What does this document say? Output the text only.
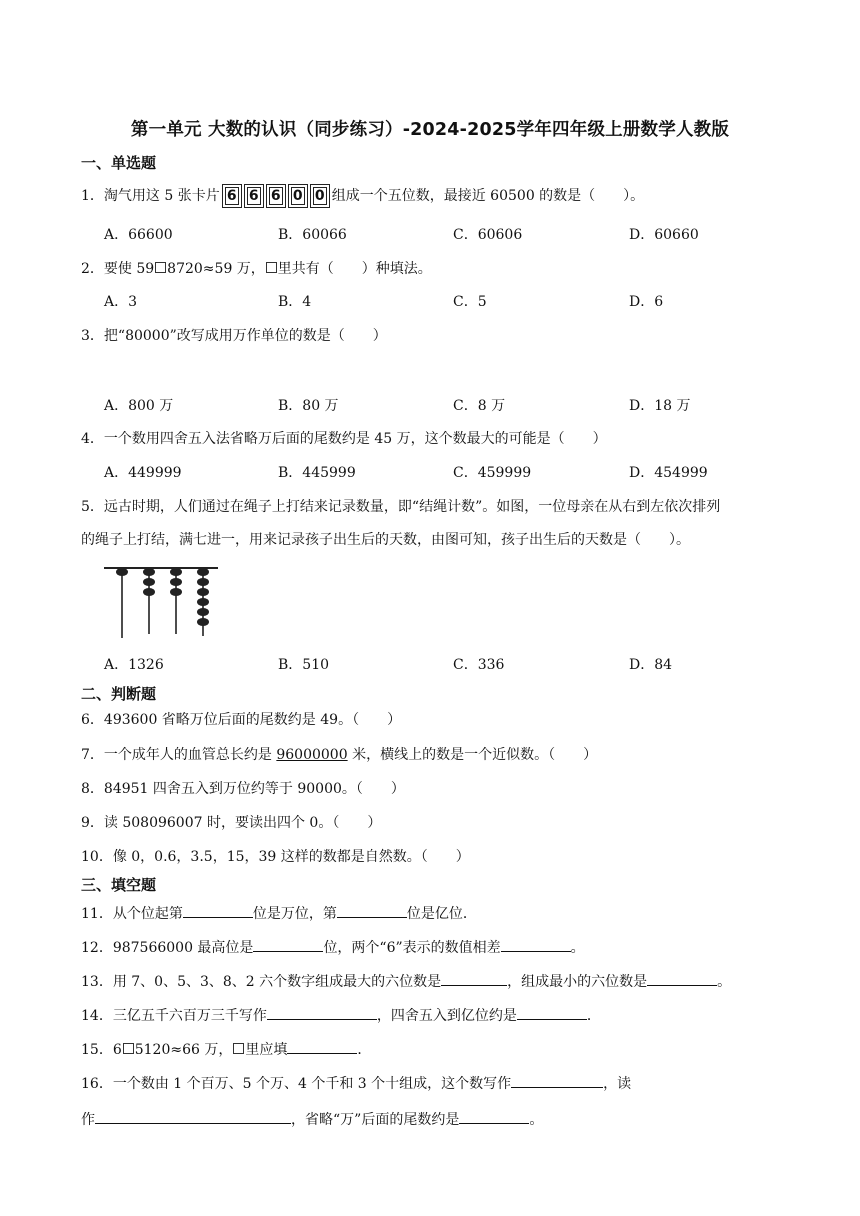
第一单元 大数的认识（同步练习）-2024-2025学年四年级上册数学人教版
一、单选题
1．淘气用这 5 张卡片 6 6 6 0 0 组成一个五位数，最接近 60500 的数是（　　）。
A．66600	B．60066	C．60606	D．60660
2．要使 59 8720≈59 万， 里共有（　　）种填法。
A．3	B．4	C．5	D．6
3．把“80000”改写成用万作单位的数是（　　）
A．800 万	B．80 万	C．8 万	D．18 万
4．一个数用四舍五入法省略万后面的尾数约是 45 万，这个数最大的可能是（　　）
A．449999	B．445999	C．459999	D．454999
5．远古时期，人们通过在绳子上打结来记录数量，即“结绳计数”。如图，一位母亲在从右到左依次排列
的绳子上打结，满七进一，用来记录孩子出生后的天数，由图可知，孩子出生后的天数是（　　）。
A．1326	B．510	C．336	D．84
二、判断题
6．493600 省略万位后面的尾数约是 49。（　　）
7．一个成年人的血管总长约是 96000000 米，横线上的数是一个近似数。（　　）
8．84951 四舍五入到万位约等于 90000。（　　）
9．读 508096007 时，要读出四个 0。（　　）
10．像 0，0.6，3.5，15，39 这样的数都是自然数。（　　）
三、填空题
11．从个位起第	位是万位，第	位是亿位．
12．987566000 最高位是	位，两个“6”表示的数值相差	。
13．用 7、0、5、3、8、2 六个数字组成最大的六位数是	，组成最小的六位数是	。
14．三亿五千六百万三千写作	，四舍五入到亿位约是	．
15．6 5120≈66 万， 里应填	．
16．一个数由 1 个百万、5 个万、4 个千和 3 个十组成，这个数写作	，读
作	，省略“万”后面的尾数约是	。
